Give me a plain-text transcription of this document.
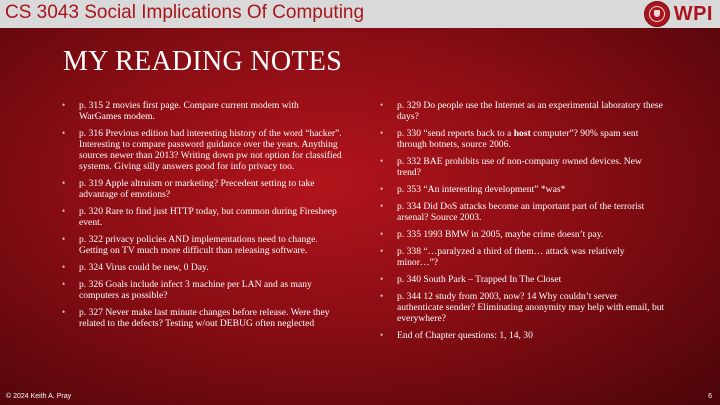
CS 3043 Social Implications Of Computing	WPI
MY READING NOTES
• p. 315 2 movies first page. Compare current modem with WarGames modem.
• p. 316 Previous edition had interesting history of the word “hacker”. Interesting to compare password guidance over the years. Anything sources newer than 2013? Writing down pw not option for classified systems. Giving silly answers good for info privacy too.
• p. 319 Apple altruism or marketing? Precedent setting to take advantage of emotions?
• p. 320 Rare to find just HTTP today, but common during Firesheep event.
• p. 322 privacy policies AND implementations need to change. Getting on TV much more difficult than releasing software.
• p. 324 Virus could be new, 0 Day.
• p. 326 Goals include infect 3 machine per LAN and as many computers as possible?
• p. 327 Never make last minute changes before release. Were they related to the defects? Testing w/out DEBUG often neglected
• p. 329 Do people use the Internet as an experimental laboratory these days?
• p. 330 “send reports back to a host computer”? 90% spam sent through botnets, source 2006.
• p. 332 BAE prohibits use of non-company owned devices. New trend?
• p. 353 “An interesting development” *was*
• p. 334 Did DoS attacks become an important part of the terrorist arsenal? Source 2003.
• p. 335 1993 BMW in 2005, maybe crime doesn’t pay.
• p. 338 “…paralyzed a third of them… attack was relatively minor…”?
• p. 340 South Park – Trapped In The Closet
• p. 344 12 study from 2003, now? 14 Why couldn’t server authenticate sender? Eliminating anonymity may help with email, but everywhere?
• End of Chapter questions: 1, 14, 30
© 2024 Keith A. Pray	6
